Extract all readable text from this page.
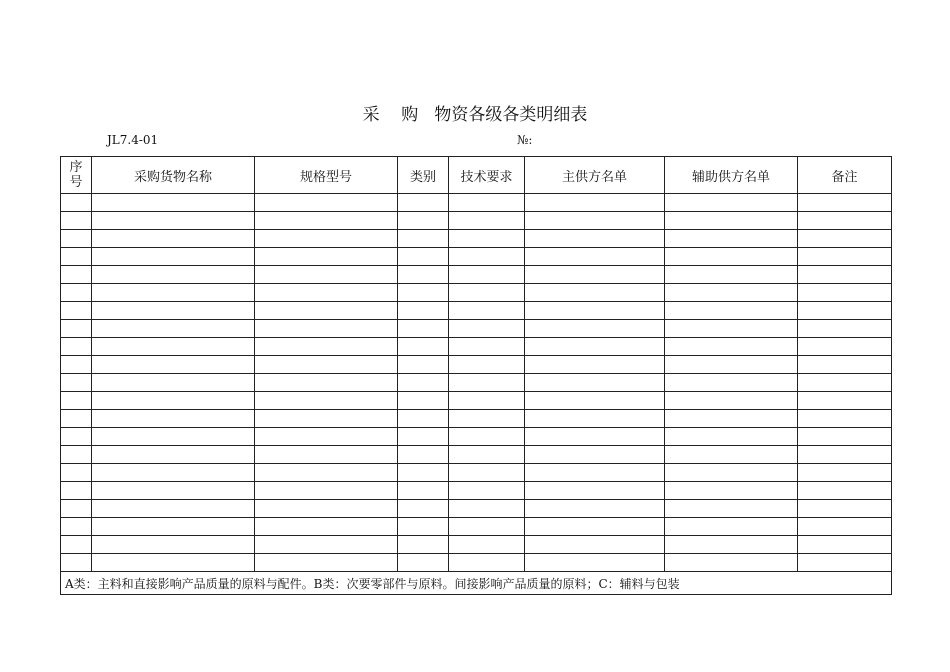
采    购   物资各级各类明细表
JL7.4-01	№:
序
号	采购货物名称	规格型号	类别	技术要求	主供方名单	辅助供方名单	备注

A类：主料和直接影响产品质量的原料与配件。B类：次要零部件与原料。间接影响产品质量的原料；C：辅料与包装							
